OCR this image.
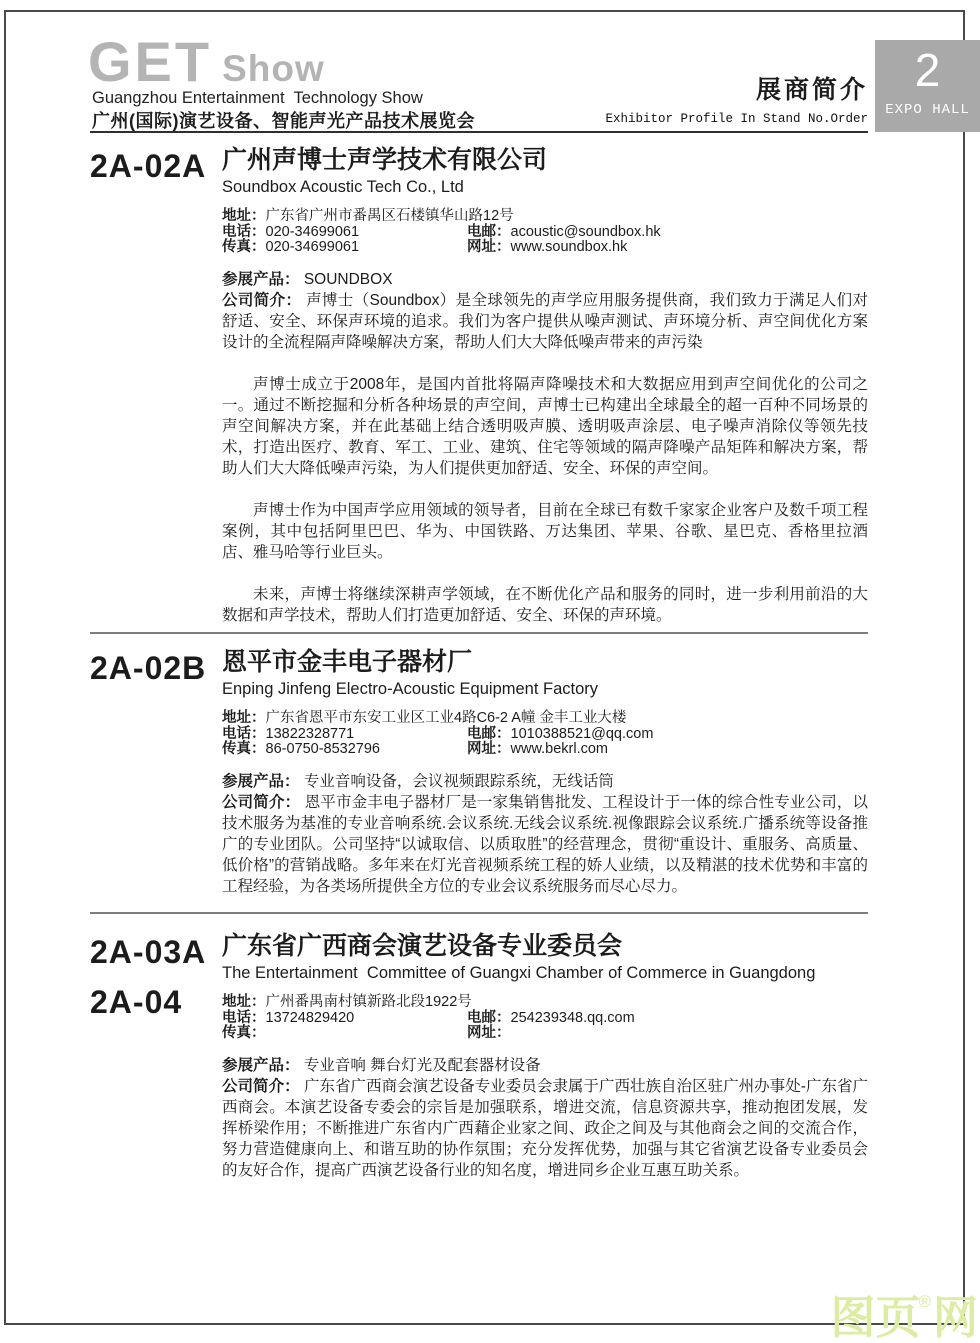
GET Show
Guangzhou Entertainment  Technology Show
广州(国际)演艺设备、智能声光产品技术展览会
展商简介
Exhibitor Profile In Stand No.Order
2
EXPO HALL
2A-02A 广州声博士声学技术有限公司
Soundbox Acoustic Tech Co., Ltd
地址： 广东省广州市番禺区石楼镇华山路12号
电话： 020-34699061	电邮： acoustic@soundbox.hk
传真： 020-34699061	网址： www.soundbox.hk
参展产品： SOUNDBOX
公司简介： 声博士（Soundbox）是全球领先的声学应用服务提供商，我们致力于满足人们对舒适、安全、环保声环境的追求。我们为客户提供从噪声测试、声环境分析、声空间优化方案设计的全流程隔声降噪解决方案，帮助人们大大降低噪声带来的声污染

声博士成立于2008年，是国内首批将隔声降噪技术和大数据应用到声空间优化的公司之一。通过不断挖掘和分析各种场景的声空间，声博士已构建出全球最全的超一百种不同场景的声空间解决方案，并在此基础上结合透明吸声膜、透明吸声涂层、电子噪声消除仪等领先技术，打造出医疗、教育、军工、工业、建筑、住宅等领域的隔声降噪产品矩阵和解决方案，帮助人们大大降低噪声污染，为人们提供更加舒适、安全、环保的声空间。

声博士作为中国声学应用领域的领导者，目前在全球已有数千家家企业客户及数千项工程案例，其中包括阿里巴巴、华为、中国铁路、万达集团、苹果、谷歌、星巴克、香格里拉酒店、雅马哈等行业巨头。

未来，声博士将继续深耕声学领域，在不断优化产品和服务的同时，进一步利用前沿的大数据和声学技术，帮助人们打造更加舒适、安全、环保的声环境。

2A-02B 恩平市金丰电子器材厂
Enping Jinfeng Electro-Acoustic Equipment Factory
地址： 广东省恩平市东安工业区工业4路C6-2 A幢 金丰工业大楼
电话： 13822328771	电邮： 1010388521@qq.com
传真： 86-0750-8532796	网址： www.bekrl.com
参展产品： 专业音响设备，会议视频跟踪系统，无线话筒
公司简介： 恩平市金丰电子器材厂是一家集销售批发、工程设计于一体的综合性专业公司，以技术服务为基准的专业音响系统.会议系统.无线会议系统.视像跟踪会议系统.广播系统等设备推广的专业团队。公司坚持“以诚取信、以质取胜”的经营理念，贯彻“重设计、重服务、高质量、低价格”的营销战略。多年来在灯光音视频系统工程的娇人业绩，以及精湛的技术优势和丰富的工程经验，为各类场所提供全方位的专业会议系统服务而尽心尽力。
2A-03A
2A-04
广东省广西商会演艺设备专业委员会
The Entertainment  Committee of Guangxi Chamber of Commerce in Guangdong
地址： 广州番禺南村镇新路北段1922号
电话： 13724829420	电邮： 254239348.qq.com
传真：	网址：
参展产品： 专业音响 舞台灯光及配套器材设备
公司简介： 广东省广西商会演艺设备专业委员会隶属于广西壮族自治区驻广州办事处-广东省广西商会。本演艺设备专委会的宗旨是加强联系，增进交流，信息资源共享，推动抱团发展，发挥桥梁作用；不断推进广东省内广西藉企业家之间、政企之间及与其他商会之间的交流合作，努力营造健康向上、和谐互助的协作氛围；充分发挥优势，加强与其它省演艺设备专业委员会的友好合作，提高广西演艺设备行业的知名度，增进同乡企业互惠互助关系。
图页®网
